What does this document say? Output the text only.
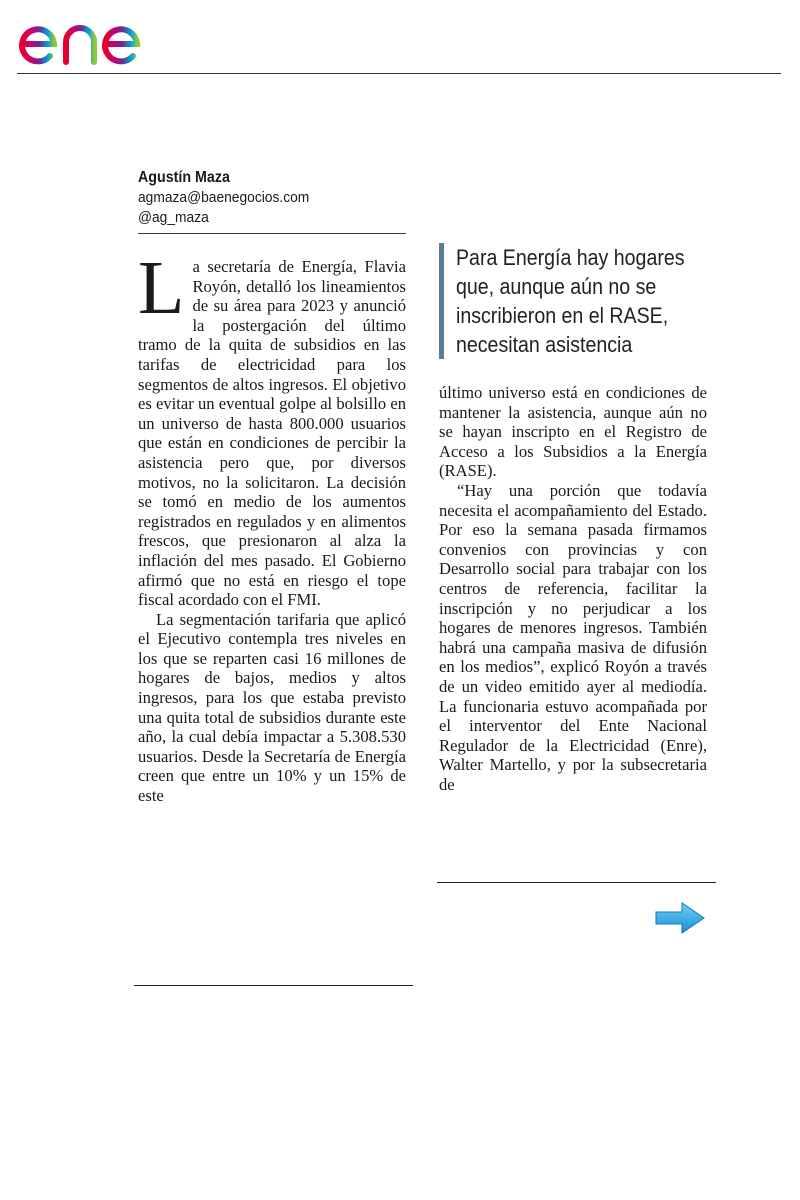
Agustín Maza
agmaza@baenegocios.com
@ag_maza
Para Energía hay hogares
que, aunque aún no se
inscribieron en el RASE,
necesitan asistencia
L a secretaría de Energía, Flavia Royón, detalló los lineamientos de su área para 2023 y anunció la postergación del último tramo de la quita de subsidios en las tarifas de electricidad para los segmentos de altos ingresos. El objetivo es evitar un eventual golpe al bolsillo en un universo de hasta 800.000 usuarios que están en condiciones de percibir la asistencia pero que, por diversos motivos, no la solicitaron. La decisión se tomó en medio de los aumentos registrados en regulados y en alimentos frescos, que presionaron al alza la inflación del mes pasado. El Gobierno afirmó que no está en riesgo el tope fiscal acordado con el FMI.

La segmentación tarifaria que aplicó el Ejecutivo contempla tres niveles en los que se reparten casi 16 millones de hogares de bajos, medios y altos ingresos, para los que estaba previsto una quita total de subsidios durante este año, la cual debía impactar a 5.308.530 usuarios. Desde la Secretaría de Energía creen que entre un 10% y un 15% de este

último universo está en condiciones de mantener la asistencia, aunque aún no se hayan inscripto en el Registro de Acceso a los Subsidios a la Energía (RASE).

“Hay una porción que todavía necesita el acompañamiento del Estado. Por eso la semana pasada firmamos convenios con provincias y con Desarrollo social para trabajar con los centros de referencia, facilitar la inscripción y no perjudicar a los hogares de menores ingresos. También habrá una campaña masiva de difusión en los medios”, explicó Royón a través de un video emitido ayer al mediodía. La funcionaria estuvo acompañada por el interventor del Ente Nacional Regulador de la Electricidad (Enre), Walter Martello, y por la subsecretaria de
